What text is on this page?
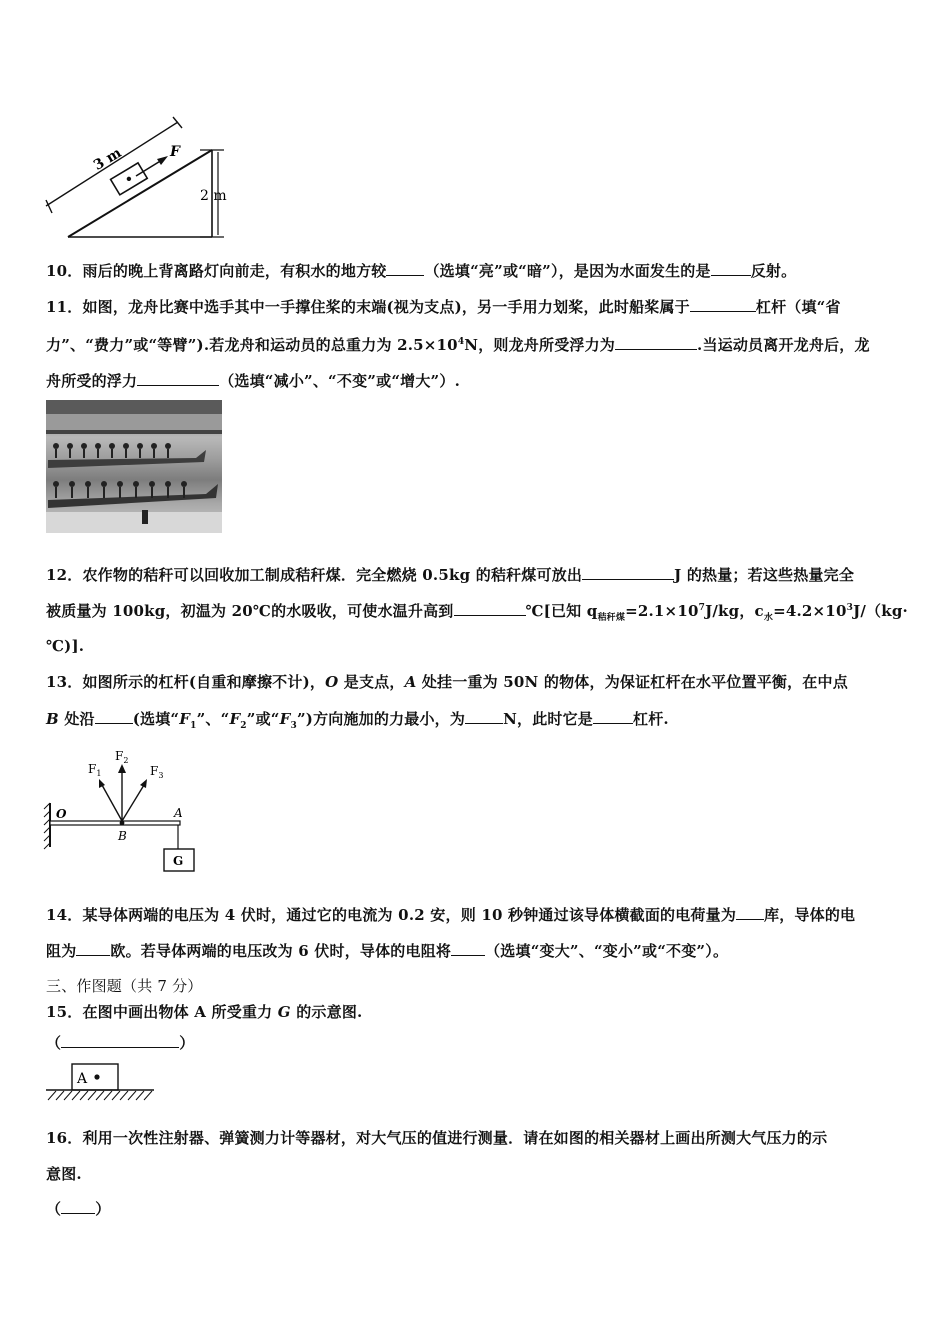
3 m	F
2 m
10．雨后的晚上背离路灯向前走，有积水的地方较	（选填“亮”或“暗”），是因为水面发生的是	反射。
11．如图，龙舟比赛中选手其中一手撑住桨的末端(视为支点)，另一手用力划桨，此时船桨属于	杠杆（填“省
力”、“费力”或“等臂”).若龙舟和运动员的总重力为 $2.5\times 10^4N$，则龙舟所受浮力为	.当运动员离开龙舟后，龙
舟所受的浮力	（选填“减小”、“不变”或“增大”）.
12．农作物的秸秆可以回收加工制成秸秆煤．完全燃烧 0.5kg 的秸秆煤可放出	J 的热量；若这些热量完全
被质量为 100kg，初温为 20℃的水吸收，可使水温升高到	℃[已知 $q_{秸秆煤}=2.1\times 10^7J/kg$，$c_水=4.2\times 10^3J/(kg\cdot$
℃)].
13．如图所示的杠杆(自重和摩擦不计)，O 是支点，A 处挂一重为 50N 的物体，为保证杠杆在水平位置平衡，在中点
B 处沿	(选填“$F_1$”、“$F_2$”或“$F_3$”)方向施加的力最小，为	N，此时它是	杠杆.
$F_1$
$F_2$
$F_3$
O	A
B
G
14．某导体两端的电压为 4 伏时，通过它的电流为 0.2 安，则 10 秒钟通过该导体横截面的电荷量为 库，导体的电
阻为 欧。若导体两端的电压改为 6 伏时，导体的电阻将 （选填“变大”、“变小”或“不变”）。
三、作图题（共 7 分）
15．在图中画出物体 A 所受重力 G 的示意图.
（	）
A
16．利用一次性注射器、弹簧测力计等器材，对大气压的值进行测量．请在如图的相关器材上画出所测大气压力的示
意图.
（ ）
